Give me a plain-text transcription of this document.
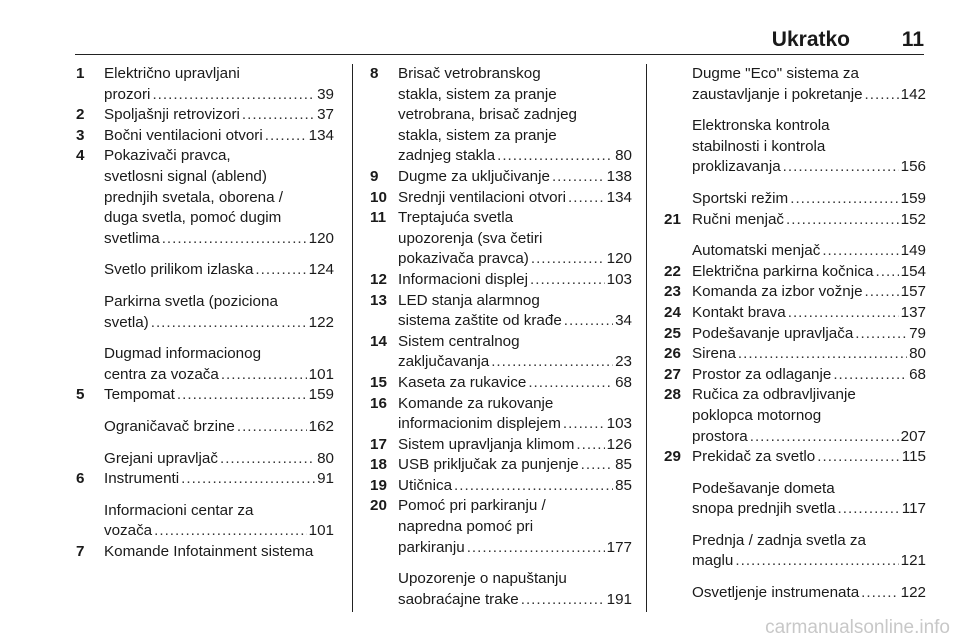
Ukratko 11
1 Električno upravljani
prozori .....	39
2 Spoljašnji retrovizori .....	37
3 Bočni ventilacioni otvori .....	134
4 Pokazivači pravca,
svetlosni signal (ablend)
prednjih svetala, oborena /
duga svetla, pomoć dugim
svetlima .....	120
Svetlo prilikom izlaska .....	124
Parkirna svetla (poziciona
svetla) .....	122
Dugmad informacionog
centra za vozača .....	101
5 Tempomat .....	159
Ograničavač brzine .....	162
Grejani upravljač .....	80
6 Instrumenti .....	91
Informacioni centar za
vozača .....	101
7 Komande Infotainment sistema
8 Brisač vetrobranskog
stakla, sistem za pranje
vetrobrana, brisač zadnjeg
stakla, sistem za pranje
zadnjeg stakla .....	80
9 Dugme za uključivanje .....	138
10 Srednji ventilacioni otvori .....	134
11 Treptajuća svetla
upozorenja (sva četiri
pokazivača pravca) .....	120
12 Informacioni displej .....	103
13 LED stanja alarmnog
sistema zaštite od krađe .....	34
14 Sistem centralnog
zaključavanja .....	23
15 Kaseta za rukavice .....	68
16 Komande za rukovanje
informacionim displejem .....	103
17 Sistem upravljanja klimom ..... 126
18 USB priključak za punjenje ..... 85
19 Utičnica .....	85
20 Pomoć pri parkiranju /
napredna pomoć pri
parkiranju .....	177
Upozorenje o napuštanju
saobraćajne trake .....	191
Dugme "Eco" sistema za
zaustavljanje i pokretanje .....	142
Elektronska kontrola
stabilnosti i kontrola
proklizavanja .....	156
Sportski režim .....	159
21 Ručni menjač .....	152
Automatski menjač .....	149
22 Električna parkirna kočnica ..... 154
23 Komanda za izbor vožnje .....	157
24 Kontakt brava .....	137
25 Podešavanje upravljača .....	79
26 Sirena .....	80
27 Prostor za odlaganje .....	68
28 Ručica za odbravljivanje
poklopca motornog
prostora .....	207
29 Prekidač za svetlo .....	115
Podešavanje dometa
snopa prednjih svetla .....	117
Prednja / zadnja svetla za
maglu .....	121
Osvetljenje instrumenata .....	122
carmanualsonline.info
